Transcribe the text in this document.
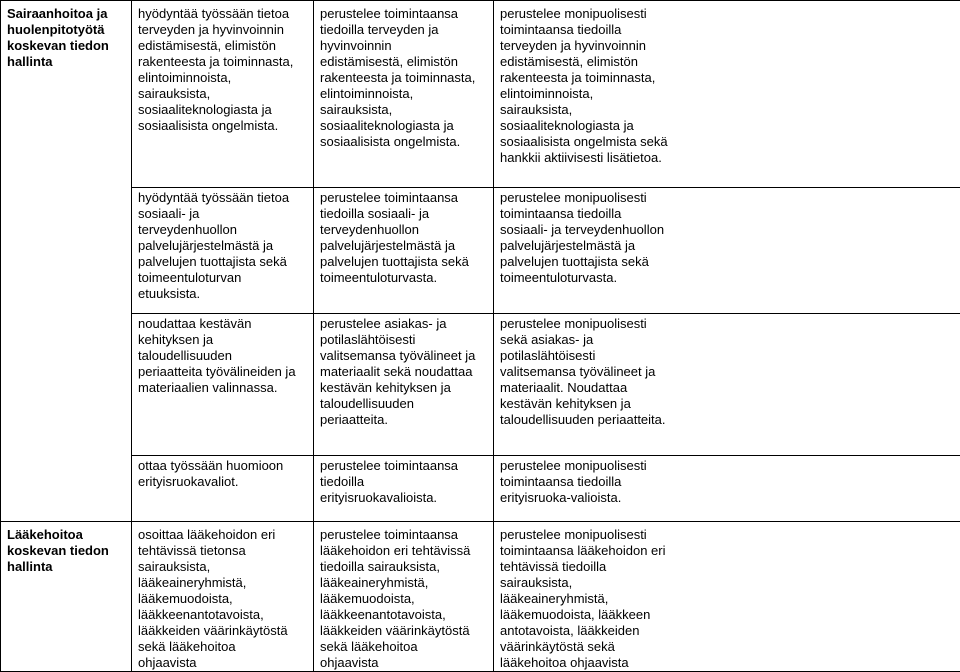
Sairaanhoitoa ja huolenpitotyötä koskevan tiedon hallinta	hyödyntää työssään tietoa terveyden ja hyvinvoinnin edistämisestä, elimistön rakenteesta ja toiminnasta, elintoiminnoista, sairauksista, sosiaaliteknologiasta ja sosiaalisista ongelmista.	perustelee toimintaansa tiedoilla terveyden ja hyvinvoinnin edistämisestä, elimistön rakenteesta ja toiminnasta, elintoiminnoista, sairauksista, sosiaaliteknologiasta ja sosiaalisista ongelmista.	perustelee monipuolisesti toimintaansa tiedoilla terveyden ja hyvinvoinnin edistämisestä, elimistön rakenteesta ja toiminnasta, elintoiminnoista, sairauksista, sosiaaliteknologiasta ja sosiaalisista ongelmista sekä hankkii aktiivisesti lisätietoa.

	hyödyntää työssään tietoa sosiaali- ja terveydenhuollon palvelujärjestelmästä ja palvelujen tuottajista sekä toimeentuloturvan etuuksista.	perustelee toimintaansa tiedoilla sosiaali- ja terveydenhuollon palvelujärjestelmästä ja palvelujen tuottajista sekä toimeentuloturvasta.	perustelee monipuolisesti toimintaansa tiedoilla sosiaali- ja terveydenhuollon palvelujärjestelmästä ja palvelujen tuottajista sekä toimeentuloturvasta.

	noudattaa kestävän kehityksen ja taloudellisuuden periaatteita työvälineiden ja materiaalien valinnassa.	perustelee asiakas- ja potilaslähtöisesti valitsemansa työvälineet ja materiaalit sekä noudattaa kestävän kehityksen ja taloudellisuuden periaatteita.	perustelee monipuolisesti sekä asiakas- ja potilaslähtöisesti valitsemansa työvälineet ja materiaalit. Noudattaa kestävän kehityksen ja taloudellisuuden periaatteita.

	ottaa työssään huomioon erityisruokavaliot.	perustelee toimintaansa tiedoilla erityisruokavalioista.	perustelee monipuolisesti toimintaansa tiedoilla erityisruoka-valioista.

Lääkehoitoa koskevan tiedon hallinta	osoittaa lääkehoidon eri tehtävissä tietonsa sairauksista, lääkeaineryhmistä, lääkemuodoista, lääkkeenantotavoista, lääkkeiden väärinkäytöstä sekä lääkehoitoa ohjaavista	perustelee toimintaansa lääkehoidon eri tehtävissä tiedoilla sairauksista, lääkeaineryhmistä, lääkemuodoista, lääkkeenantotavoista, lääkkeiden väärinkäytöstä sekä lääkehoitoa ohjaavista	perustelee monipuolisesti toimintaansa lääkehoidon eri tehtävissä tiedoilla sairauksista, lääkeaineryhmistä, lääkemuodoista, lääkkeen antotavoista, lääkkeiden väärinkäytöstä sekä lääkehoitoa ohjaavista
